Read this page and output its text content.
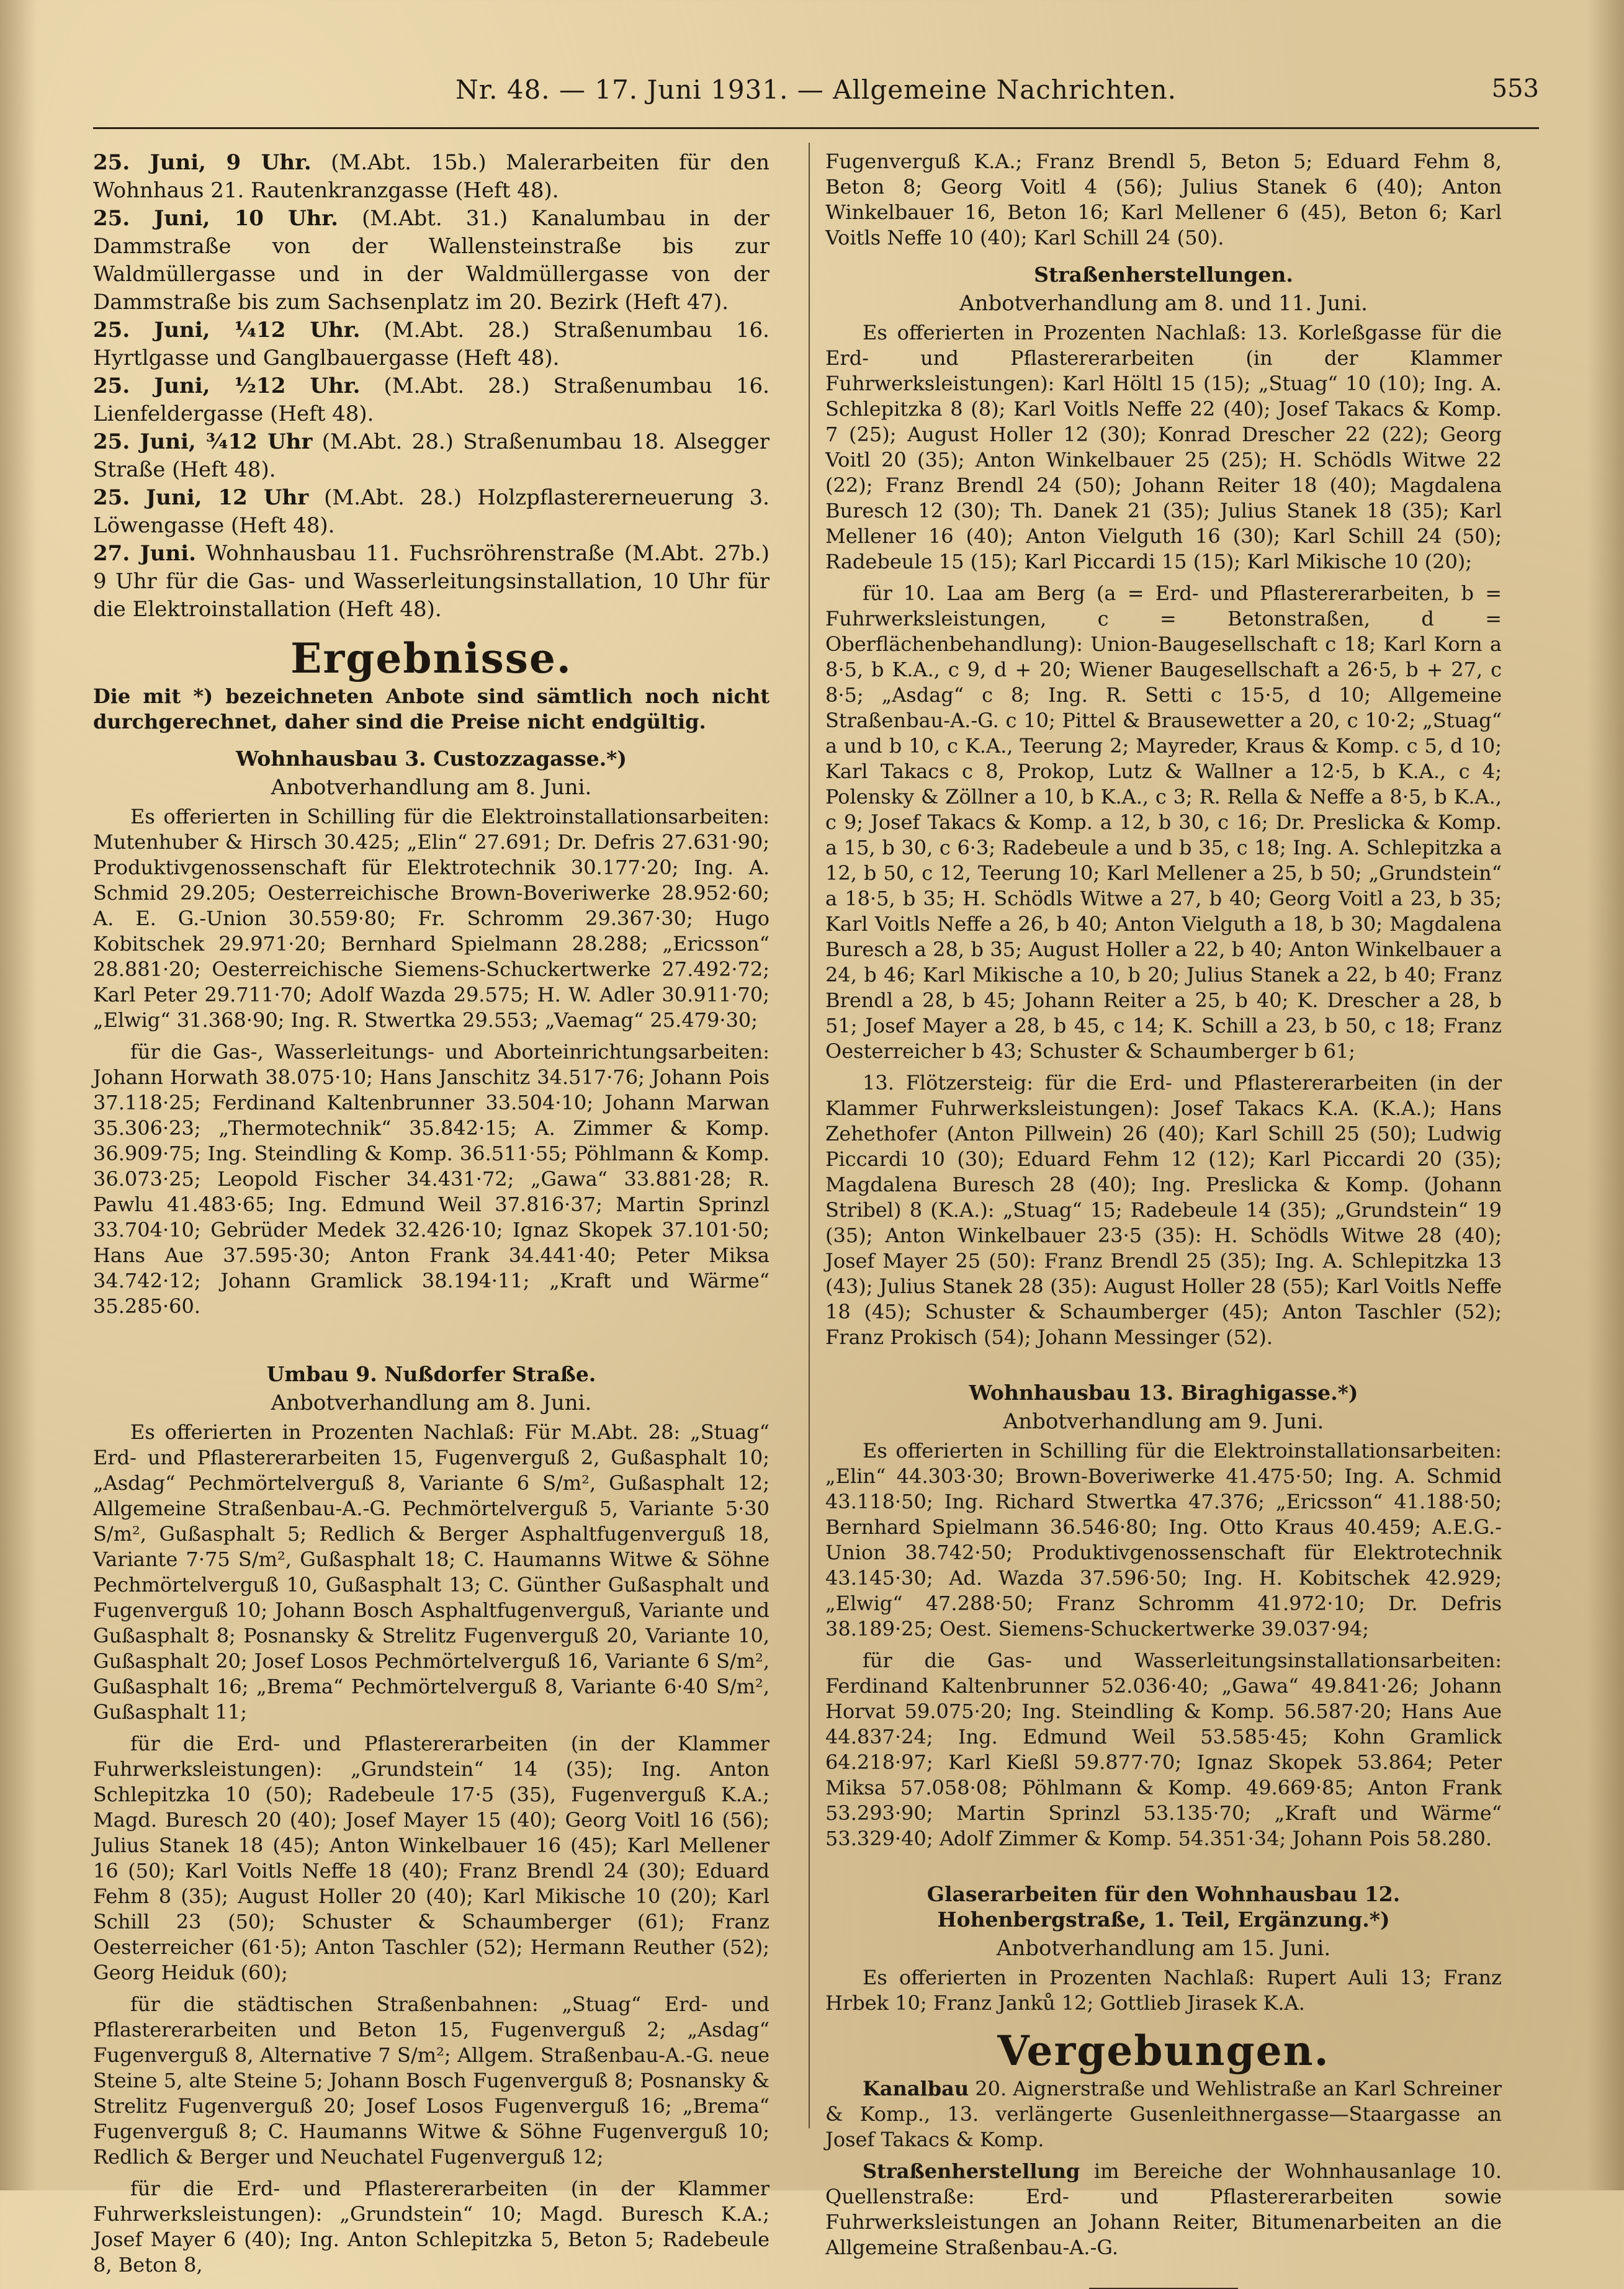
Nr. 48. — 17. Juni 1931. — Allgemeine Nachrichten.	553

25. Juni, 9 Uhr. (M.Abt. 15b.) Malerarbeiten für den Wohnhaus 21. Rautenkranzgasse (Heft 48).

25. Juni, 10 Uhr. (M.Abt. 31.) Kanalumbau in der Dammstraße von der Wallensteinstraße bis zur Waldmüllergasse und in der Waldmüllergasse von der Dammstraße bis zum Sachsenplatz im 20. Bezirk (Heft 47).

25. Juni, ¼12 Uhr. (M.Abt. 28.) Straßenumbau 16. Hyrtlgasse und Ganglbauergasse (Heft 48).

25. Juni, ½12 Uhr. (M.Abt. 28.) Straßenumbau 16. Lienfeldergasse (Heft 48).

25. Juni, ¾12 Uhr (M.Abt. 28.) Straßenumbau 18. Alsegger Straße (Heft 48).

25. Juni, 12 Uhr (M.Abt. 28.) Holzpflastererneuerung 3. Löwengasse (Heft 48).

27. Juni. Wohnhausbau 11. Fuchsröhrenstraße (M.Abt. 27b.) 9 Uhr für die Gas- und Wasserleitungsinstallation, 10 Uhr für die Elektroinstallation (Heft 48).

Ergebnisse.

Die mit *) bezeichneten Anbote sind sämtlich noch nicht durchgerechnet, daher sind die Preise nicht endgültig.

Wohnhausbau 3. Custozzagasse.*)
Anbotverhandlung am 8. Juni.

Es offerierten in Schilling für die Elektroinstallationsarbeiten: Mutenhuber & Hirsch 30.425; „Elin“ 27.691; Dr. Defris 27.631·90; Produktivgenossenschaft für Elektrotechnik 30.177·20; Ing. A. Schmid 29.205; Oesterreichische Brown-Boveriwerke 28.952·60; A. E. G.-Union 30.559·80; Fr. Schromm 29.367·30; Hugo Kobitschek 29.971·20; Bernhard Spielmann 28.288; „Ericsson“ 28.881·20; Oesterreichische Siemens-Schuckertwerke 27.492·72; Karl Peter 29.711·70; Adolf Wazda 29.575; H. W. Adler 30.911·70; „Elwig“ 31.368·90; Ing. R. Stwertka 29.553; „Vaemag“ 25.479·30;

für die Gas-, Wasserleitungs- und Aborteinrichtungsarbeiten: Johann Horwath 38.075·10; Hans Janschitz 34.517·76; Johann Pois 37.118·25; Ferdinand Kaltenbrunner 33.504·10; Johann Marwan 35.306·23; „Thermotechnik“ 35.842·15; A. Zimmer & Komp. 36.909·75; Ing. Steindling & Komp. 36.511·55; Pöhlmann & Komp. 36.073·25; Leopold Fischer 34.431·72; „Gawa“ 33.881·28; R. Pawlu 41.483·65; Ing. Edmund Weil 37.816·37; Martin Sprinzl 33.704·10; Gebrüder Medek 32.426·10; Ignaz Skopek 37.101·50; Hans Aue 37.595·30; Anton Frank 34.441·40; Peter Miksa 34.742·12; Johann Gramlick 38.194·11; „Kraft und Wärme“ 35.285·60.

Umbau 9. Nußdorfer Straße.
Anbotverhandlung am 8. Juni.

Es offerierten in Prozenten Nachlaß: Für M.Abt. 28: „Stuag“ Erd- und Pflastererarbeiten 15, Fugenverguß 2, Gußasphalt 10; „Asdag“ Pechmörtelverguß 8, Variante 6 S/m², Gußasphalt 12; Allgemeine Straßenbau-A.-G. Pechmörtelverguß 5, Variante 5·30 S/m², Gußasphalt 5; Redlich & Berger Asphaltfugenverguß 18, Variante 7·75 S/m², Gußasphalt 18; C. Haumanns Witwe & Söhne Pechmörtelverguß 10, Gußasphalt 13; C. Günther Gußasphalt und Fugenverguß 10; Johann Bosch Asphaltfugenverguß, Variante und Gußasphalt 8; Posnansky & Strelitz Fugenverguß 20, Variante 10, Gußasphalt 20; Josef Losos Pechmörtelverguß 16, Variante 6 S/m², Gußasphalt 16; „Brema“ Pechmörtelverguß 8, Variante 6·40 S/m², Gußasphalt 11;

für die Erd- und Pflastererarbeiten (in der Klammer Fuhrwerksleistungen): „Grundstein“ 14 (35); Ing. Anton Schlepitzka 10 (50); Radebeule 17·5 (35), Fugenverguß K.A.; Magd. Buresch 20 (40); Josef Mayer 15 (40); Georg Voitl 16 (56); Julius Stanek 18 (45); Anton Winkelbauer 16 (45); Karl Mellener 16 (50); Karl Voitls Neffe 18 (40); Franz Brendl 24 (30); Eduard Fehm 8 (35); August Holler 20 (40); Karl Mikische 10 (20); Karl Schill 23 (50); Schuster & Schaumberger (61); Franz Oesterreicher (61·5); Anton Taschler (52); Hermann Reuther (52); Georg Heiduk (60);

für die städtischen Straßenbahnen: „Stuag“ Erd- und Pflastererarbeiten und Beton 15, Fugenverguß 2; „Asdag“ Fugenverguß 8, Alternative 7 S/m²; Allgem. Straßenbau-A.-G. neue Steine 5, alte Steine 5; Johann Bosch Fugenverguß 8; Posnansky & Strelitz Fugenverguß 20; Josef Losos Fugenverguß 16; „Brema“ Fugenverguß 8; C. Haumanns Witwe & Söhne Fugenverguß 10; Redlich & Berger und Neuchatel Fugenverguß 12;

für die Erd- und Pflastererarbeiten (in der Klammer Fuhrwerksleistungen): „Grundstein“ 10; Magd. Buresch K.A.; Josef Mayer 6 (40); Ing. Anton Schlepitzka 5, Beton 5; Radebeule 8, Beton 8,

Fugenverguß K.A.; Franz Brendl 5, Beton 5; Eduard Fehm 8, Beton 8; Georg Voitl 4 (56); Julius Stanek 6 (40); Anton Winkelbauer 16, Beton 16; Karl Mellener 6 (45), Beton 6; Karl Voitls Neffe 10 (40); Karl Schill 24 (50).

Straßenherstellungen.
Anbotverhandlung am 8. und 11. Juni.

Es offerierten in Prozenten Nachlaß: 13. Korleßgasse für die Erd- und Pflastererarbeiten (in der Klammer Fuhrwerksleistungen): Karl Höltl 15 (15); „Stuag“ 10 (10); Ing. A. Schlepitzka 8 (8); Karl Voitls Neffe 22 (40); Josef Takacs & Komp. 7 (25); August Holler 12 (30); Konrad Drescher 22 (22); Georg Voitl 20 (35); Anton Winkelbauer 25 (25); H. Schödls Witwe 22 (22); Franz Brendl 24 (50); Johann Reiter 18 (40); Magdalena Buresch 12 (30); Th. Danek 21 (35); Julius Stanek 18 (35); Karl Mellener 16 (40); Anton Vielguth 16 (30); Karl Schill 24 (50); Radebeule 15 (15); Karl Piccardi 15 (15); Karl Mikische 10 (20);

für 10. Laa am Berg (a = Erd- und Pflastererarbeiten, b = Fuhrwerksleistungen, c = Betonstraßen, d = Oberflächenbehandlung): Union-Baugesellschaft c 18; Karl Korn a 8·5, b K.A., c 9, d + 20; Wiener Baugesellschaft a 26·5, b + 27, c 8·5; „Asdag“ c 8; Ing. R. Setti c 15·5, d 10; Allgemeine Straßenbau-A.-G. c 10; Pittel & Brausewetter a 20, c 10·2; „Stuag“ a und b 10, c K.A., Teerung 2; Mayreder, Kraus & Komp. c 5, d 10; Karl Takacs c 8, Prokop, Lutz & Wallner a 12·5, b K.A., c 4; Polensky & Zöllner a 10, b K.A., c 3; R. Rella & Neffe a 8·5, b K.A., c 9; Josef Takacs & Komp. a 12, b 30, c 16; Dr. Preslicka & Komp. a 15, b 30, c 6·3; Radebeule a und b 35, c 18; Ing. A. Schlepitzka a 12, b 50, c 12, Teerung 10; Karl Mellener a 25, b 50; „Grundstein“ a 18·5, b 35; H. Schödls Witwe a 27, b 40; Georg Voitl a 23, b 35; Karl Voitls Neffe a 26, b 40; Anton Vielguth a 18, b 30; Magdalena Buresch a 28, b 35; August Holler a 22, b 40; Anton Winkelbauer a 24, b 46; Karl Mikische a 10, b 20; Julius Stanek a 22, b 40; Franz Brendl a 28, b 45; Johann Reiter a 25, b 40; K. Drescher a 28, b 51; Josef Mayer a 28, b 45, c 14; K. Schill a 23, b 50, c 18; Franz Oesterreicher b 43; Schuster & Schaumberger b 61;

13. Flötzersteig: für die Erd- und Pflastererarbeiten (in der Klammer Fuhrwerksleistungen): Josef Takacs K.A. (K.A.); Hans Zehethofer (Anton Pillwein) 26 (40); Karl Schill 25 (50); Ludwig Piccardi 10 (30); Eduard Fehm 12 (12); Karl Piccardi 20 (35); Magdalena Buresch 28 (40); Ing. Preslicka & Komp. (Johann Stribel) 8 (K.A.): „Stuag“ 15; Radebeule 14 (35); „Grundstein“ 19 (35); Anton Winkelbauer 23·5 (35): H. Schödls Witwe 28 (40); Josef Mayer 25 (50): Franz Brendl 25 (35); Ing. A. Schlepitzka 13 (43); Julius Stanek 28 (35): August Holler 28 (55); Karl Voitls Neffe 18 (45); Schuster & Schaumberger (45); Anton Taschler (52); Franz Prokisch (54); Johann Messinger (52).

Wohnhausbau 13. Biraghigasse.*)
Anbotverhandlung am 9. Juni.

Es offerierten in Schilling für die Elektroinstallationsarbeiten: „Elin“ 44.303·30; Brown-Boveriwerke 41.475·50; Ing. A. Schmid 43.118·50; Ing. Richard Stwertka 47.376; „Ericsson“ 41.188·50; Bernhard Spielmann 36.546·80; Ing. Otto Kraus 40.459; A.E.G.-Union 38.742·50; Produktivgenossenschaft für Elektrotechnik 43.145·30; Ad. Wazda 37.596·50; Ing. H. Kobitschek 42.929; „Elwig“ 47.288·50; Franz Schromm 41.972·10; Dr. Defris 38.189·25; Oest. Siemens-Schuckertwerke 39.037·94;

für die Gas- und Wasserleitungsinstallationsarbeiten: Ferdinand Kaltenbrunner 52.036·40; „Gawa“ 49.841·26; Johann Horvat 59.075·20; Ing. Steindling & Komp. 56.587·20; Hans Aue 44.837·24; Ing. Edmund Weil 53.585·45; Kohn Gramlick 64.218·97; Karl Kießl 59.877·70; Ignaz Skopek 53.864; Peter Miksa 57.058·08; Pöhlmann & Komp. 49.669·85; Anton Frank 53.293·90; Martin Sprinzl 53.135·70; „Kraft und Wärme“ 53.329·40; Adolf Zimmer & Komp. 54.351·34; Johann Pois 58.280.

Glaserarbeiten für den Wohnhausbau 12. Hohenbergstraße, 1. Teil, Ergänzung.*)
Anbotverhandlung am 15. Juni.

Es offerierten in Prozenten Nachlaß: Rupert Auli 13; Franz Hrbek 10; Franz Janků 12; Gottlieb Jirasek K.A.

Vergebungen.

Kanalbau 20. Aignerstraße und Wehlistraße an Karl Schreiner & Komp., 13. verlängerte Gusenleithnergasse—Staargasse an Josef Takacs & Komp.

Straßenherstellung im Bereiche der Wohnhausanlage 10. Quellenstraße: Erd- und Pflastererarbeiten sowie Fuhrwerksleistungen an Johann Reiter, Bitumenarbeiten an die Allgemeine Straßenbau-A.-G.
